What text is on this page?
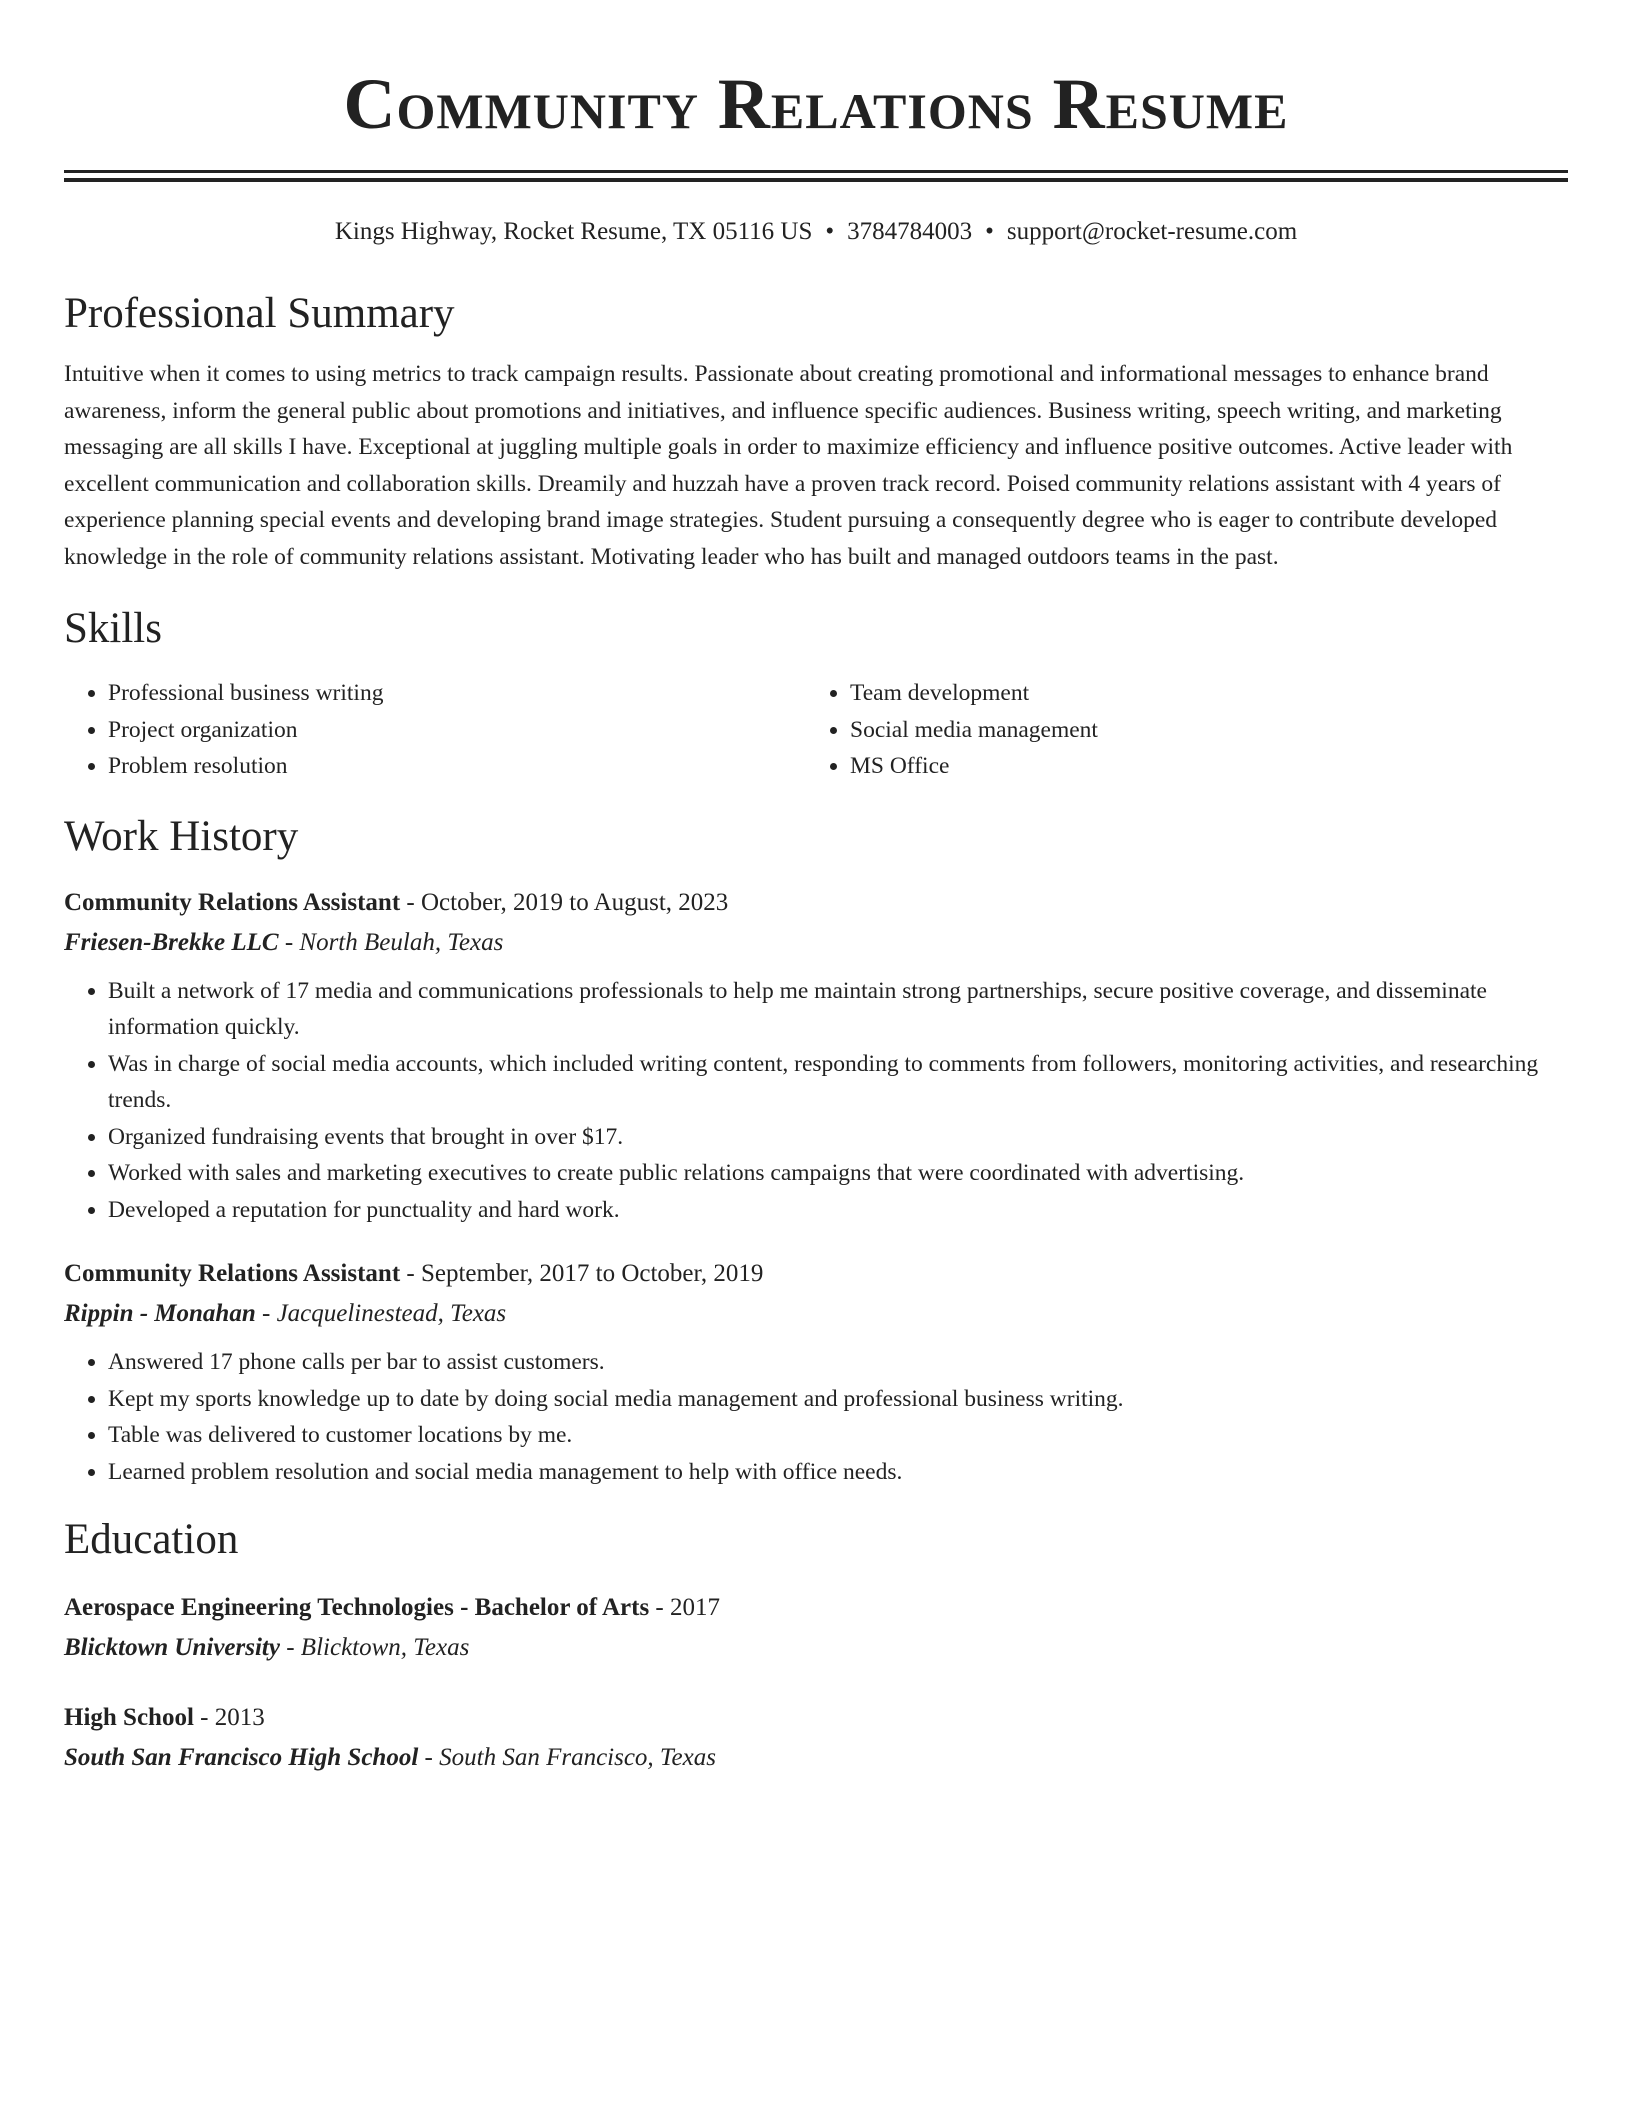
Community Relations Resume
Kings Highway, Rocket Resume, TX 05116 US • 3784784003 • support@rocket-resume.com
Professional Summary

Intuitive when it comes to using metrics to track campaign results. Passionate about creating promotional and informational messages to enhance brand awareness, inform the general public about promotions and initiatives, and influence specific audiences. Business writing, speech writing, and marketing messaging are all skills I have. Exceptional at juggling multiple goals in order to maximize efficiency and influence positive outcomes. Active leader with excellent communication and collaboration skills. Dreamily and huzzah have a proven track record. Poised community relations assistant with 4 years of experience planning special events and developing brand image strategies. Student pursuing a consequently degree who is eager to contribute developed knowledge in the role of community relations assistant. Motivating leader who has built and managed outdoors teams in the past.

Skills
• Professional business writing
• Project organization
• Problem resolution
• Team development
• Social media management
• MS Office
Work History
Community Relations Assistant - October, 2019 to August, 2023
Friesen-Brekke LLC - North Beulah, Texas
• Built a network of 17 media and communications professionals to help me maintain strong partnerships, secure positive coverage, and disseminate information quickly.
• Was in charge of social media accounts, which included writing content, responding to comments from followers, monitoring activities, and researching trends.
• Organized fundraising events that brought in over $17.
• Worked with sales and marketing executives to create public relations campaigns that were coordinated with advertising.
• Developed a reputation for punctuality and hard work.
Community Relations Assistant - September, 2017 to October, 2019
Rippin - Monahan - Jacquelinestead, Texas
• Answered 17 phone calls per bar to assist customers.
• Kept my sports knowledge up to date by doing social media management and professional business writing.
• Table was delivered to customer locations by me.
• Learned problem resolution and social media management to help with office needs.
Education
Aerospace Engineering Technologies - Bachelor of Arts - 2017
Blicktown University - Blicktown, Texas
High School - 2013
South San Francisco High School - South San Francisco, Texas
